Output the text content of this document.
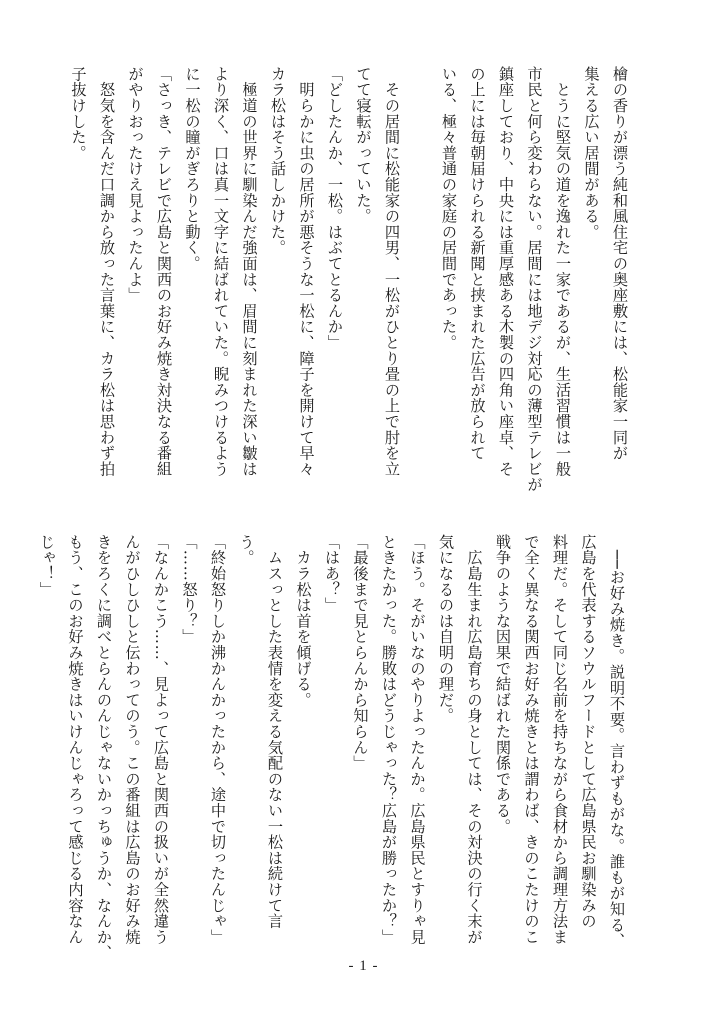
檜の香りが漂う純和風住宅の奥座敷には、松能家一同が
集える広い居間がある。
　とうに堅気の道を逸れた一家であるが、生活習慣は一般
市民と何ら変わらない。居間には地デジ対応の薄型テレビが
鎮座しており、中央には重厚感ある木製の四角い座卓、そ
の上には毎朝届けられる新聞と挟まれた広告が放られて
いる、極々普通の家庭の居間であった。

　その居間に松能家の四男、一松がひとり畳の上で肘を立
てて寝転がっていた。
「どしたんか、一松。はぶてとるんか」
　明らかに虫の居所が悪そうな一松に、障子を開けて早々
カラ松はそう話しかけた。
　極道の世界に馴染んだ強面は、眉間に刻まれた深い皺は
より深く、口は真一文字に結ばれていた。睨みつけるよう
に一松の瞳がぎろりと動く。
「さっき、テレビで広島と関西のお好み焼き対決なる番組
がやりおったけえ見よったんよ」
　怒気を含んだ口調から放った言葉に、カラ松は思わず拍
子抜けした。
　──お好み焼き。説明不要。言わずもがな。誰もが知る、
広島を代表するソウルフードとして広島県民お馴染みの
料理だ。そして同じ名前を持ちながら食材から調理方法ま
で全く異なる関西お好み焼きとは謂わば、きのこたけのこ
戦争のような因果で結ばれた関係である。
　広島生まれ広島育ちの身としては、その対決の行く末が
気になるのは自明の理だ。
「ほう。そがいなのやりよったんか。広島県民とすりゃ見
ときたかった。勝敗はどうじゃった？広島が勝ったか？」
「最後まで見とらんから知らん」
「はあ？」
　カラ松は首を傾げる。
　ムスっとした表情を変える気配のない一松は続けて言
う。
「終始怒りしか沸かんかったから、途中で切ったんじゃ」
「……怒り？」
「なんかこう……、見よって広島と関西の扱いが全然違う
んがひしひしと伝わってのう。この番組は広島のお好み焼
きをろくに調べとらんのんじゃないかっちゅうか、なんか、
もう、このお好み焼きはいけんじゃろって感じる内容なん
じゃ！」
- 1 -
